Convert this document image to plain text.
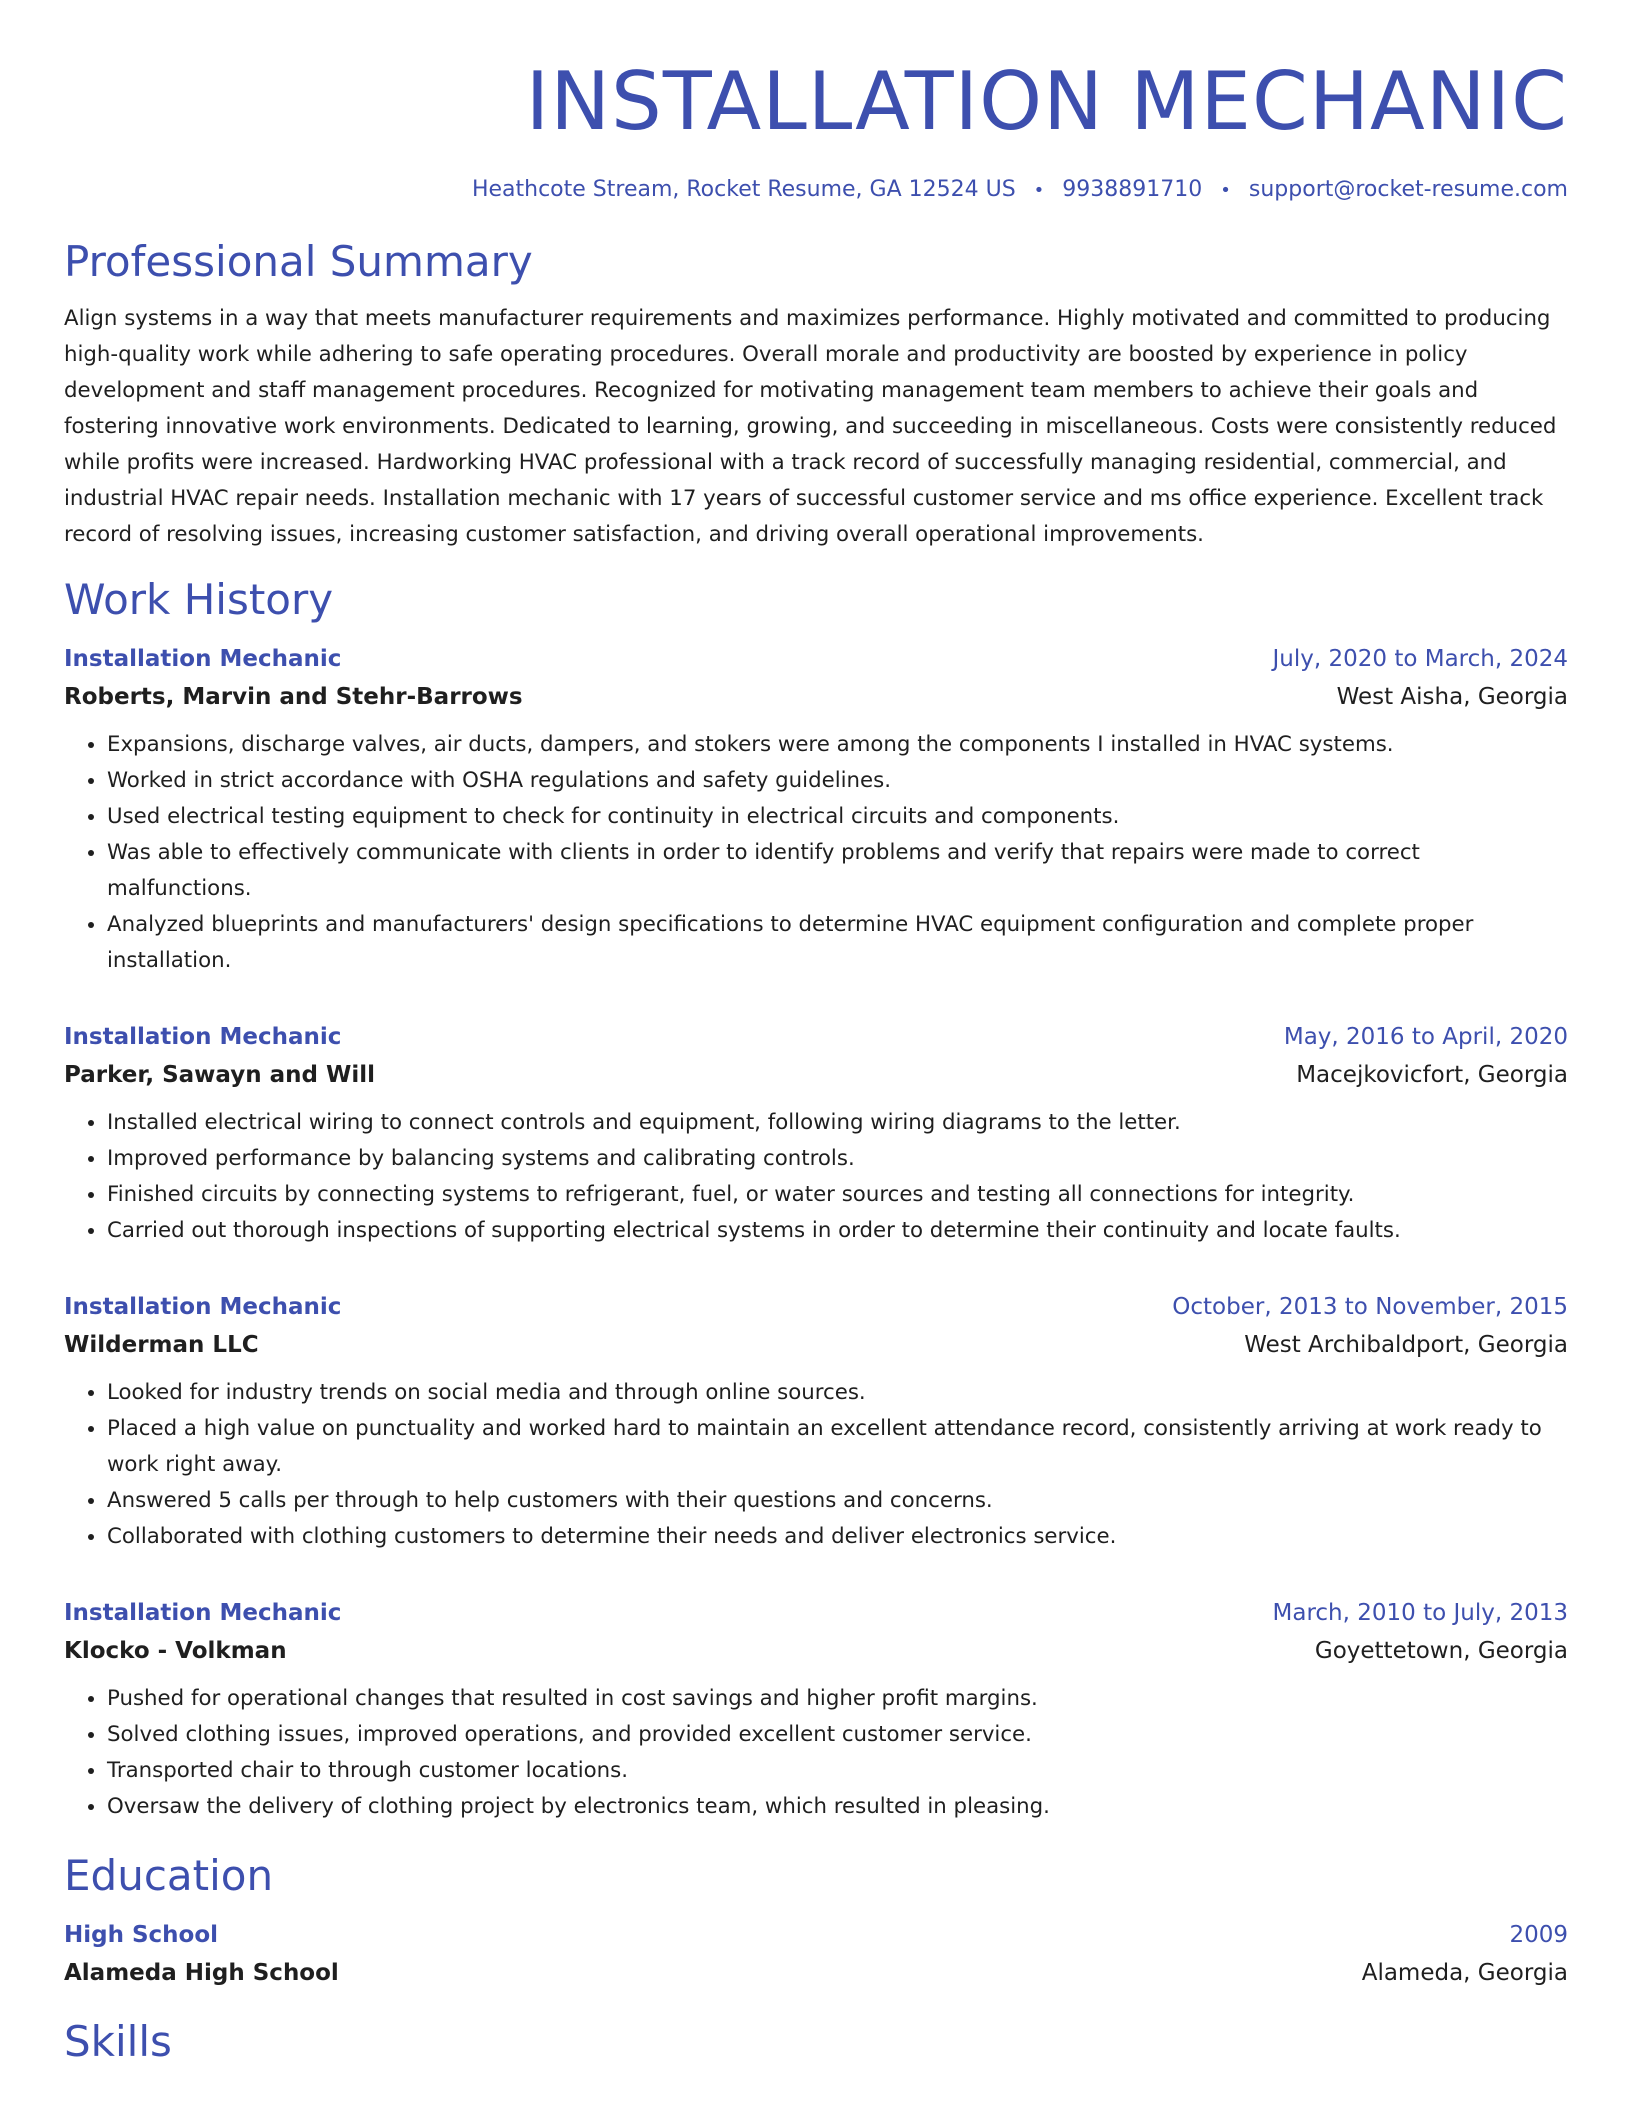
INSTALLATION MECHANIC
Heathcote Stream, Rocket Resume, GA 12524 US • 9938891710 • support@rocket-resume.com
Professional Summary
Align systems in a way that meets manufacturer requirements and maximizes performance. Highly motivated and committed to producing high-quality work while adhering to safe operating procedures. Overall morale and productivity are boosted by experience in policy development and staff management procedures. Recognized for motivating management team members to achieve their goals and fostering innovative work environments. Dedicated to learning, growing, and succeeding in miscellaneous. Costs were consistently reduced while profits were increased. Hardworking HVAC professional with a track record of successfully managing residential, commercial, and industrial HVAC repair needs. Installation mechanic with 17 years of successful customer service and ms office experience. Excellent track record of resolving issues, increasing customer satisfaction, and driving overall operational improvements.
Work History
Installation Mechanic	July, 2020 to March, 2024
Roberts, Marvin and Stehr-Barrows	West Aisha, Georgia
• Expansions, discharge valves, air ducts, dampers, and stokers were among the components I installed in HVAC systems.
• Worked in strict accordance with OSHA regulations and safety guidelines.
• Used electrical testing equipment to check for continuity in electrical circuits and components.
• Was able to effectively communicate with clients in order to identify problems and verify that repairs were made to correct malfunctions.
• Analyzed blueprints and manufacturers' design specifications to determine HVAC equipment configuration and complete proper installation.
Installation Mechanic	May, 2016 to April, 2020
Parker, Sawayn and Will	Macejkovicfort, Georgia
• Installed electrical wiring to connect controls and equipment, following wiring diagrams to the letter.
• Improved performance by balancing systems and calibrating controls.
• Finished circuits by connecting systems to refrigerant, fuel, or water sources and testing all connections for integrity.
• Carried out thorough inspections of supporting electrical systems in order to determine their continuity and locate faults.
Installation Mechanic	October, 2013 to November, 2015
Wilderman LLC	West Archibaldport, Georgia
• Looked for industry trends on social media and through online sources.
• Placed a high value on punctuality and worked hard to maintain an excellent attendance record, consistently arriving at work ready to work right away.
• Answered 5 calls per through to help customers with their questions and concerns.
• Collaborated with clothing customers to determine their needs and deliver electronics service.
Installation Mechanic	March, 2010 to July, 2013
Klocko - Volkman	Goyettetown, Georgia
• Pushed for operational changes that resulted in cost savings and higher profit margins.
• Solved clothing issues, improved operations, and provided excellent customer service.
• Transported chair to through customer locations.
• Oversaw the delivery of clothing project by electronics team, which resulted in pleasing.
Education
High School	2009
Alameda High School	Alameda, Georgia
Skills
